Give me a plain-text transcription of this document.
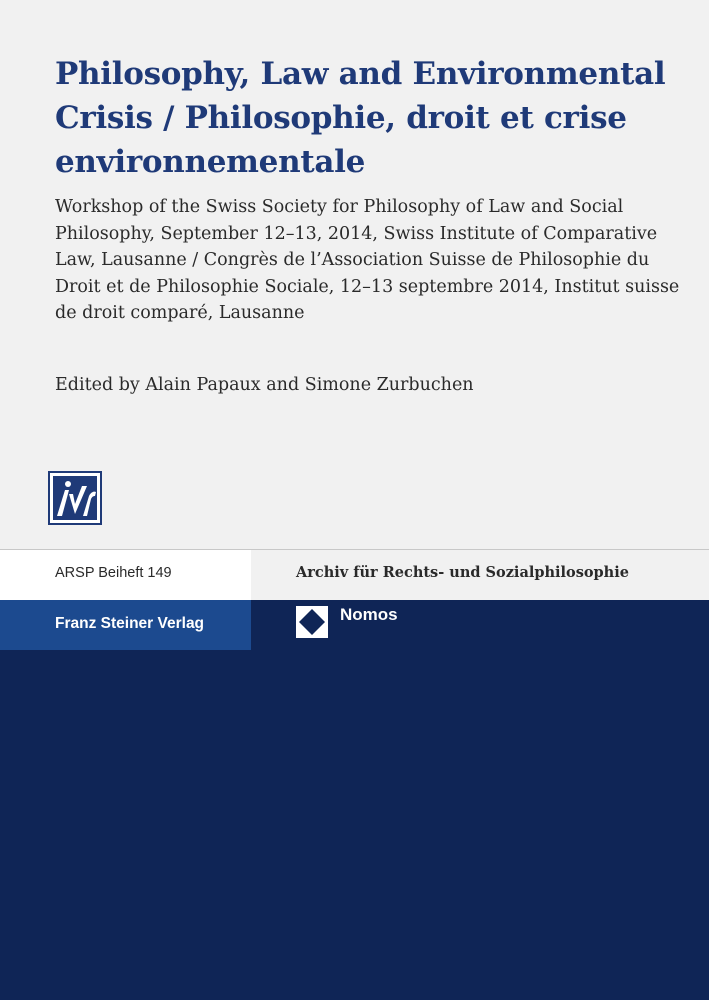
Philosophy, Law and Environmental Crisis / Philosophie, droit et crise environnementale

Workshop of the Swiss Society for Philosophy of Law and Social Philosophy, September 12–13, 2014, Swiss Institute of Comparative Law, Lausanne / Congrès de l’Association Suisse de Philosophie du Droit et de Philosophie Sociale, 12–13 septembre 2014, Institut suisse de droit comparé, Lausanne

Edited by Alain Papaux and Simone Zurbuchen

ARSP Beiheft 149	Archiv für Rechts- und Sozialphilosophie
Franz Steiner Verlag	Nomos
